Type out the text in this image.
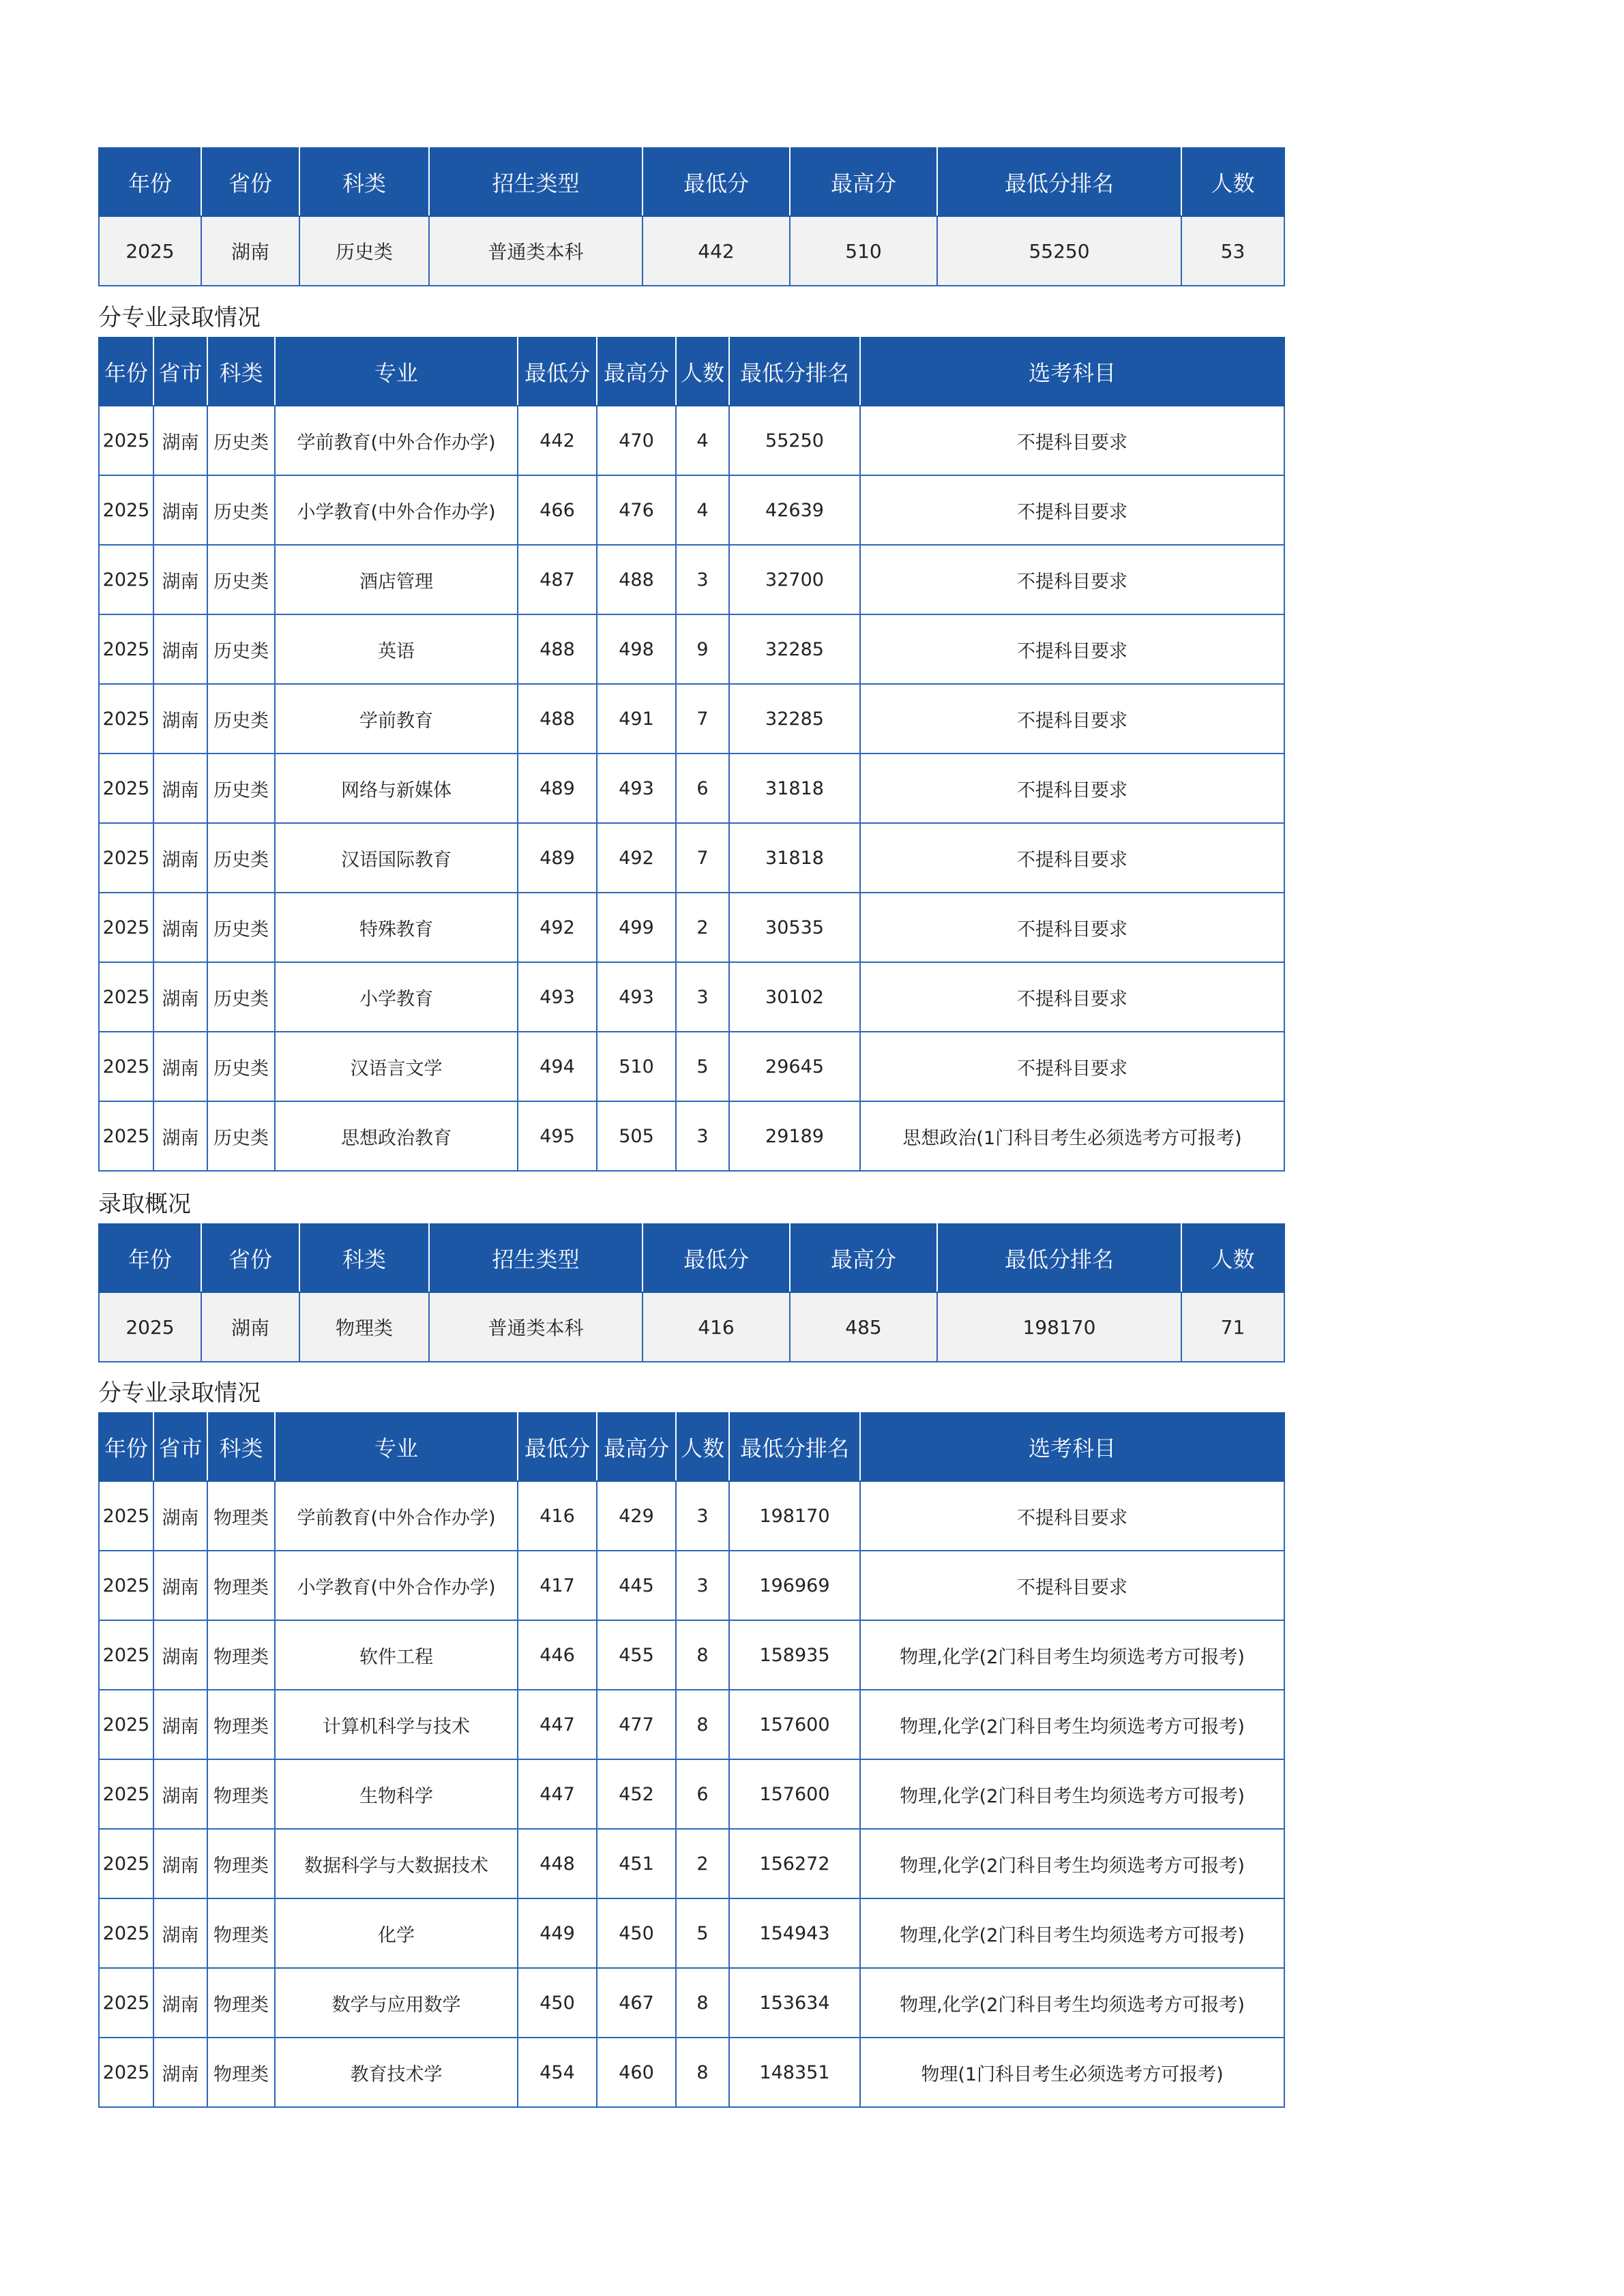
年份	省份	科类	招生类型	最低分	最高分	最低分排名	人数
2025	湖南	历史类	普通类本科	442	510	55250	53
分专业录取情况
年份	省市	科类	专业	最低分	最高分	人数	最低分排名	选考科目
2025	湖南	历史类	学前教育(中外合作办学)	442	470	4	55250	不提科目要求
2025	湖南	历史类	小学教育(中外合作办学)	466	476	4	42639	不提科目要求
2025	湖南	历史类	酒店管理	487	488	3	32700	不提科目要求
2025	湖南	历史类	英语	488	498	9	32285	不提科目要求
2025	湖南	历史类	学前教育	488	491	7	32285	不提科目要求
2025	湖南	历史类	网络与新媒体	489	493	6	31818	不提科目要求
2025	湖南	历史类	汉语国际教育	489	492	7	31818	不提科目要求
2025	湖南	历史类	特殊教育	492	499	2	30535	不提科目要求
2025	湖南	历史类	小学教育	493	493	3	30102	不提科目要求
2025	湖南	历史类	汉语言文学	494	510	5	29645	不提科目要求
2025	湖南	历史类	思想政治教育	495	505	3	29189	思想政治(1门科目考生必须选考方可报考)
录取概况
年份	省份	科类	招生类型	最低分	最高分	最低分排名	人数
2025	湖南	物理类	普通类本科	416	485	198170	71
分专业录取情况
年份	省市	科类	专业	最低分	最高分	人数	最低分排名	选考科目
2025	湖南	物理类	学前教育(中外合作办学)	416	429	3	198170	不提科目要求
2025	湖南	物理类	小学教育(中外合作办学)	417	445	3	196969	不提科目要求
2025	湖南	物理类	软件工程	446	455	8	158935	物理,化学(2门科目考生均须选考方可报考)
2025	湖南	物理类	计算机科学与技术	447	477	8	157600	物理,化学(2门科目考生均须选考方可报考)
2025	湖南	物理类	生物科学	447	452	6	157600	物理,化学(2门科目考生均须选考方可报考)
2025	湖南	物理类	数据科学与大数据技术	448	451	2	156272	物理,化学(2门科目考生均须选考方可报考)
2025	湖南	物理类	化学	449	450	5	154943	物理,化学(2门科目考生均须选考方可报考)
2025	湖南	物理类	数学与应用数学	450	467	8	153634	物理,化学(2门科目考生均须选考方可报考)
2025	湖南	物理类	教育技术学	454	460	8	148351	物理(1门科目考生必须选考方可报考)
